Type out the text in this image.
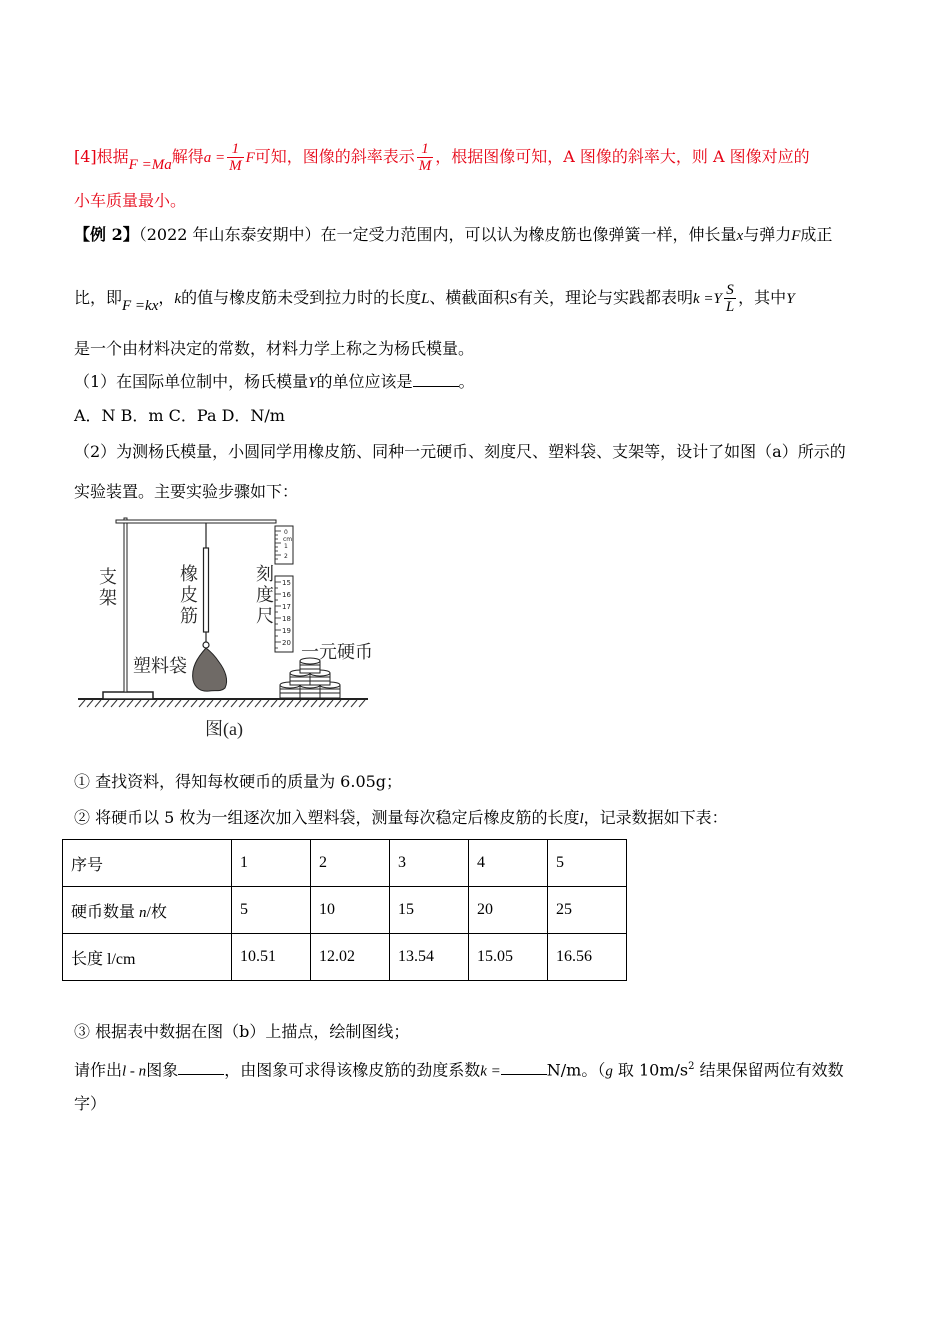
[4]根据F =Ma解得$a = \frac{1}{M}$ F可知，图像的斜率表示 $\frac{1}{M}$ ，根据图像可知，A 图像的斜率大，则 A 图像对应的
小车质量最小。
【例 2】（2022 年山东泰安期中）在一定受力范围内，可以认为橡皮筋也像弹簧一样，伸长量x与弹力F成正
比，即F =kx，k的值与橡皮筋未受到拉力时的长度L、横截面积S有关，理论与实践都表明$k =Y \frac{S}{L}$ ，其中Y
是一个由材料决定的常数，材料力学上称之为杨氏模量。
（1）在国际单位制中，杨氏模量Y的单位应该是	。
A．N B．m C．Pa D．N/m
（2）为测杨氏模量，小圆同学用橡皮筋、同种一元硬币、刻度尺、塑料袋、支架等，设计了如图（a）所示的
实验装置。主要实验步骤如下：
0
cm
1
2
15
16
17
18
19
20
支架
橡皮筋
刻度尺
塑料袋
一元硬币
图(a)
① 查找资料，得知每枚硬币的质量为 6.05g；
② 将硬币以 5 枚为一组逐次加入塑料袋，测量每次稳定后橡皮筋的长度l，记录数据如下表：
序号	1	2	3	4	5
硬币数量 n/枚	5	10	15	20	25
长度 l/cm	10.51	12.02	13.54	15.05	16.56
③ 根据表中数据在图（b）上描点，绘制图线；
请作出l - n图象	，由图象可求得该橡皮筋的劲度系数k =	N/m。（g 取 $10m/s^2$ 结果保留两位有效数
字）
